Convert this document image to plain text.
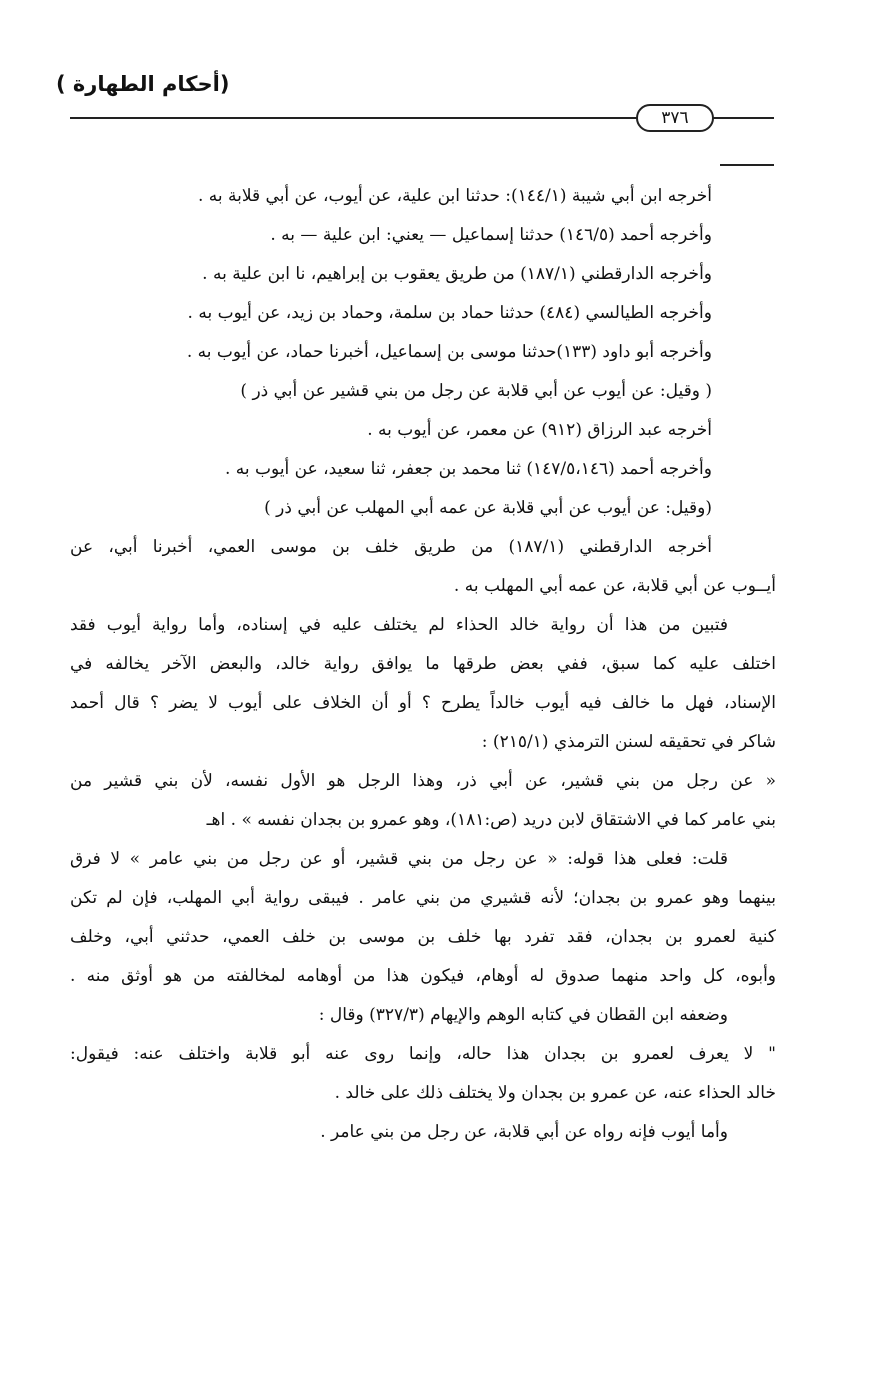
(أحكام الطهارة )
٣٧٦
أخرجه ابن أبي شيبة (١٤٤/١): حدثنا ابن علية، عن أيوب، عن أبي قلابة به .
وأخرجه أحمد (١٤٦/٥) حدثنا إسماعيل — يعني: ابن علية — به .
وأخرجه الدارقطني (١٨٧/١) من طريق يعقوب بن إبراهيم، نا ابن علية به .
وأخرجه الطيالسي (٤٨٤) حدثنا حماد بن سلمة، وحماد بن زيد، عن أيوب به .
وأخرجه أبو داود (١٣٣)حدثنا موسى بن إسماعيل، أخبرنا حماد، عن أيوب به .
( وقيل: عن أيوب عن أبي قلابة عن رجل من بني قشير عن أبي ذر )
أخرجه عبد الرزاق (٩١٢) عن معمر، عن أيوب به .
وأخرجه أحمد (١٤٧/٥،١٤٦) ثنا محمد بن جعفر، ثنا سعيد، عن أيوب به .
(وقيل: عن أيوب عن أبي قلابة عن عمه أبي المهلب عن أبي ذر )
أخرجه الدارقطني (١٨٧/١) من طريق خلف بن موسى العمي، أخبرنا أبي، عن
أيــوب عن أبي قلابة، عن عمه أبي المهلب به .
فتبين من هذا أن رواية خالد الحذاء لم يختلف عليه في إسناده، وأما رواية أيوب فقد
اختلف عليه كما سبق، ففي بعض طرقها ما يوافق رواية خالد، والبعض الآخر يخالفه في
الإسناد، فهل ما خالف فيه أيوب خالداً يطرح ؟ أو أن الخلاف على أيوب لا يضر ؟ قال أحمد
شاكر في تحقيقه لسنن الترمذي (٢١٥/١) :
« عن رجل من بني قشير، عن أبي ذر، وهذا الرجل هو الأول نفسه، لأن بني قشير من
بني عامر كما في الاشتقاق لابن دريد (ص:١٨١)، وهو عمرو بن بجدان نفسه » . اهـ
قلت: فعلى هذا قوله: « عن رجل من بني قشير، أو عن رجل من بني عامر » لا فرق
بينهما وهو عمرو بن بجدان؛ لأنه قشيري من بني عامر . فيبقى رواية أبي المهلب، فإن لم تكن
كنية لعمرو بن بجدان، فقد تفرد بها خلف بن موسى بن خلف العمي، حدثني أبي، وخلف
وأبوه، كل واحد منهما صدوق له أوهام، فيكون هذا من أوهامه لمخالفته من هو أوثق منه .
وضعفه ابن القطان في كتابه الوهم والإيهام (٣٢٧/٣) وقال :
" لا يعرف لعمرو بن بجدان هذا حاله، وإنما روى عنه أبو قلابة واختلف عنه: فيقول:
خالد الحذاء عنه، عن عمرو بن بجدان ولا يختلف ذلك على خالد .
وأما أيوب فإنه رواه عن أبي قلابة، عن رجل من بني عامر .
